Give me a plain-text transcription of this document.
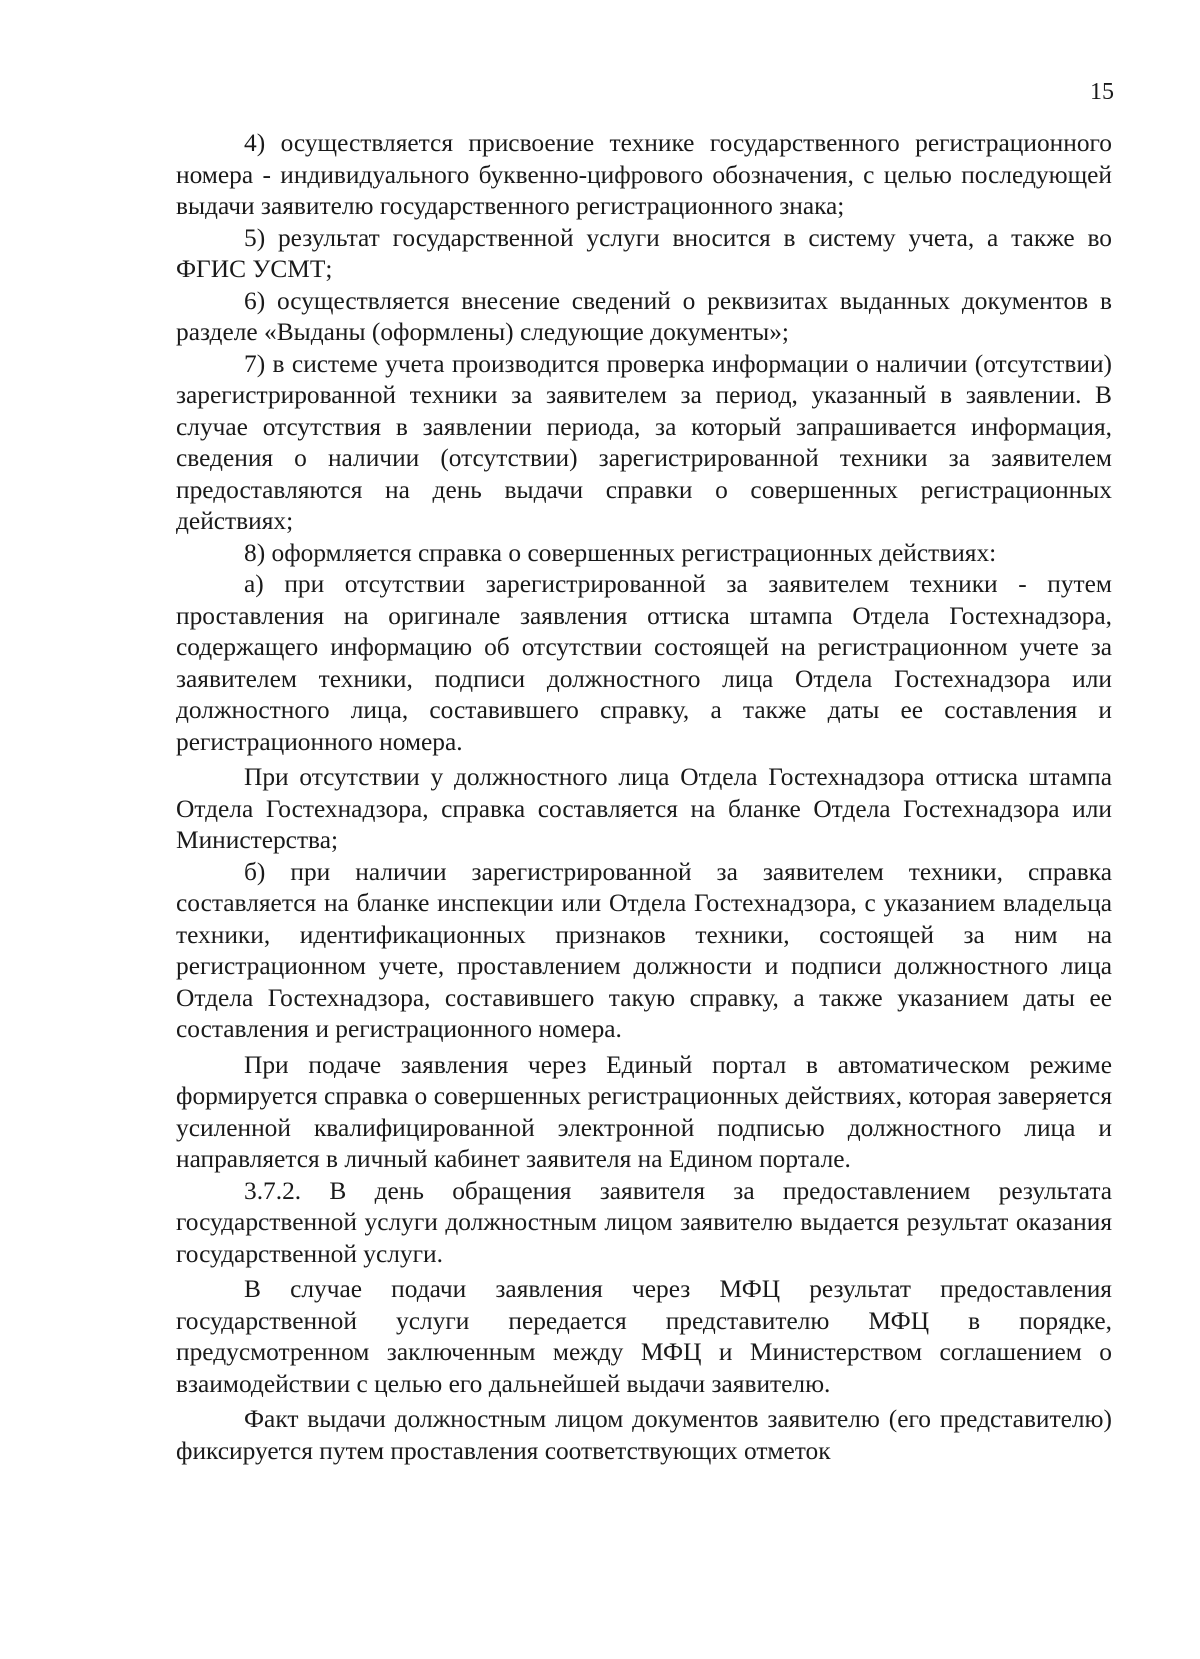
15

4) осуществляется присвоение технике государственного регистрационного номера - индивидуального буквенно-цифрового обозначения, с целью последующей выдачи заявителю государственного регистрационного знака;

5) результат государственной услуги вносится в систему учета, а также во ФГИС УСМТ;

6) осуществляется внесение сведений о реквизитах выданных документов в разделе «Выданы (оформлены) следующие документы»;

7) в системе учета производится проверка информации о наличии (отсутствии) зарегистрированной техники за заявителем за период, указанный в заявлении. В случае отсутствия в заявлении периода, за который запрашивается информация, сведения о наличии (отсутствии) зарегистрированной техники за заявителем предоставляются на день выдачи справки о совершенных регистрационных действиях;

8) оформляется справка о совершенных регистрационных действиях:

а) при отсутствии зарегистрированной за заявителем техники - путем проставления на оригинале заявления оттиска штампа Отдела Гостехнадзора, содержащего информацию об отсутствии состоящей на регистрационном учете за заявителем техники, подписи должностного лица Отдела Гостехнадзора или должностного лица, составившего справку, а также даты ее составления и регистрационного номера.

При отсутствии у должностного лица Отдела Гостехнадзора оттиска штампа Отдела Гостехнадзора, справка составляется на бланке Отдела Гостехнадзора или Министерства;

б) при наличии зарегистрированной за заявителем техники, справка составляется на бланке инспекции или Отдела Гостехнадзора, с указанием владельца техники, идентификационных признаков техники, состоящей за ним на регистрационном учете, проставлением должности и подписи должностного лица Отдела Гостехнадзора, составившего такую справку, а также указанием даты ее составления и регистрационного номера.

При подаче заявления через Единый портал в автоматическом режиме формируется справка о совершенных регистрационных действиях, которая заверяется усиленной квалифицированной электронной подписью должностного лица и направляется в личный кабинет заявителя на Едином портале.

3.7.2. В день обращения заявителя за предоставлением результата государственной услуги должностным лицом заявителю выдается результат оказания государственной услуги.

В случае подачи заявления через МФЦ результат предоставления государственной услуги передается представителю МФЦ в порядке, предусмотренном заключенным между МФЦ и Министерством соглашением о взаимодействии с целью его дальнейшей выдачи заявителю.

Факт выдачи должностным лицом документов заявителю (его представителю) фиксируется путем проставления соответствующих отметок
